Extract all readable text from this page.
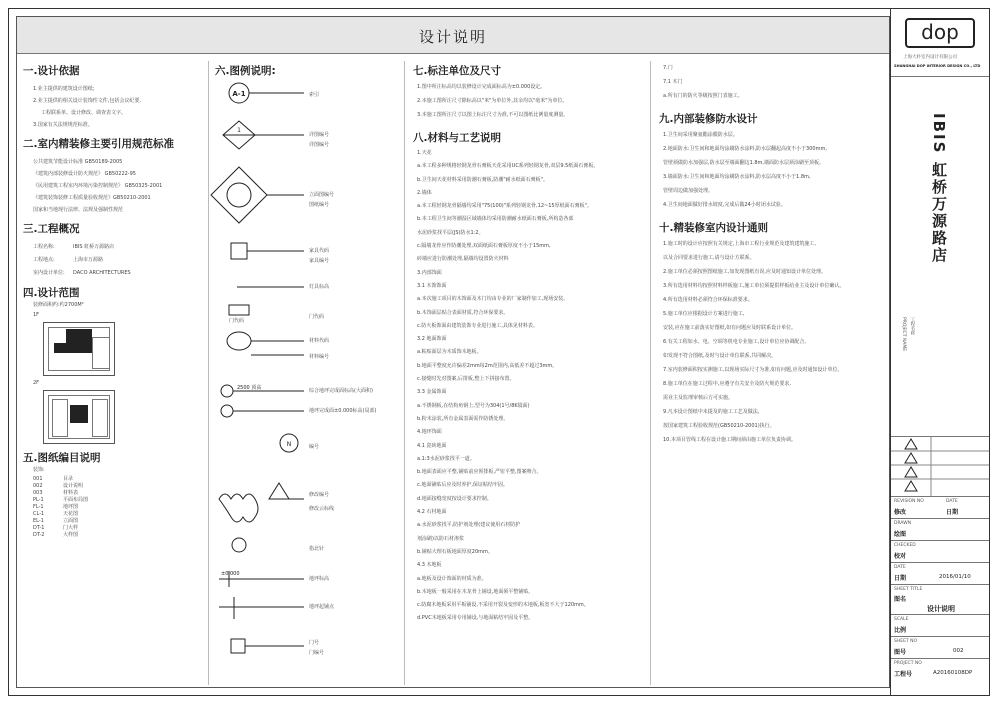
设计说明
一.设计依据
1.业主提供的建筑设计图纸;
2.业主提供的相关设计装饰性文件,包括会议纪要,
工程联系单、设计修改、调查表文字。
3.国家有关法规规范标准。
二.室内精装修主要引用规范标准
公共建筑节能设计标准 GB50189-2005
《建筑内部装修设计防火规范》 GB50222-95
《民用建筑工程室内环境污染控制规范》 GB50325-2001
《建筑装饰装修工程质量验收规范》GB50210-2001
国家和当地现行法律、法规及强制性规范
三.工程概况
工程名称:	IBIS 虹桥万源路店
工程地点:	上海市万源路
室内设计单位:	DACO ARCHITECTURES
四.设计范围
装修面积约:约2700M²
1F
2F
五.图纸编目说明
装饰:
001	目录
002	设计说明
003	材料表
PL-1	平面布局图
FL-1	地坪图
CL-1	天花图
EL-1	立面图
DT-1	门大样
DT-2	大样图
六.图例说明:
A-1
1
2500 顶高
±0.000
N
索引
详图编号
详图编号
立面图编号
图纸编号
家具代码
家具编号
灯具标高
门代码
门代码
材料代码
材料编号
综合地坪完成面标高(大面积)
地坪完成面±0.000标高(局部)
编号
修改编号
修改云标线
指北针
地坪标高
地坪起铺点
门号
门编号
七.标注单位及尺寸
1.图中所注标高均以装修设计完成面标高为±0.000设定。
2.本施工图所注尺寸除标高以"米"为单位外,其余均以"毫米"为单位。
3.本施工图所注尺寸以图上标注尺寸为准,不可以图纸比例量度测量。
八.材料与工艺说明
1.天花
a.本工程多种规格轻钢龙骨石膏板天花采用UC系列轻钢龙骨,双层9.5纸面石膏板。
b.卫生间天花材料采用防潮石膏板,防潮"耐水纸面石膏板"。
2.墙体
a.本工程轻钢龙骨隔墙均采用"75(100)"系列轻钢龙骨,12~15厚纸面石膏板"。
b.本工程卫生间等潮湿区域墙体均采用防潮耐水纸面石膏板,所构造各部
水泥砂浆找平层(JS)防水1:2。
c.隔墙龙骨应作防潮处理,双面纸面石膏板厚度不小于15mm,
砖墙应进行防潮处理,隔墙均设置防火材料
3.内部饰面
3.1 木饰饰面
a.本次施工项目的木饰面及木门均由专业的厂家制作加工,现场安装。
b.木饰面层贴合表面材质,符合环保要求。
c.防火板饰面由建筑装饰专业进行施工,具体见材料表。
3.2 地面饰面
a.粘贴面层为木质饰木地板。
b.地面平整度允许偏差2mm每2m范围内,高低差不超过3mm。
c.接缝时先对图案,后排板,整上下拼接布置。
3.3 金属饰面
a.不锈钢板,在结构角钢上,型号为304(1号/8K镜面)
b.粉末涂装,所有金属表面需作防锈处理。
4.地坪饰面
4.1 瓷砖地面
a.1:3水泥砂浆找平一道。
b.地面表面应平整,铺贴前应预排板,严密平整,图案吻合。
c.地面铺贴后应及时养护,保证粘结牢固。
d.地面接缝宽度按设计要求控制。
4.2 石材地面
a.水泥砂浆找平,防护剂处理(建议使用石材防护
剂涂刷)以防石材渗浆
b.铺贴大理石板地面厚度20mm。
4.3 木地板
a.地板及设计饰面的材质为准。
b.木地板一般采用在木龙骨上铺设,地面须平整铺贴。
c.防腐木地板采用平板铺设,不采用开裂及变形的木地板,板宽不大于120mm。
d.PVC木地板采用专用铺设,与地面粘结牢固及平整。
7.门
7.1 木门
a.所有门的防火等级按照门表施工。
九.内部装修防水设计
1.卫生间采用聚氨酯涂膜防水层。
2.地面防水:卫生间和地面均涂刷防水涂料,防水层翻起高度不小于300mm,
管壁须做防水加强层,防水层至墙面翻边1.8m,墙面防水层须涂刷至顶板。
3.墙面防水:卫生间和地面均涂刷防水涂料,防水层高度不小于1.8m,
管壁周边做加强处理。
4.卫生间地面做好排水坡度,完成后做24小时闭水试验。
十.精装修室内设计通则
1.施工时的设计应按照有关规定,上海市工程行业规范及建筑建筑施工,
以及合同要求进行施工,请与设计方联系。
2.施工单位必须按照图纸施工,如发现图纸有误,应及时通知设计单位处理。
3.所有选用材料均按照材料样板施工,施工单位须提供样板给业主及设计单位确认。
4.所有选用材料必须符合环保标准要求。
5.施工单位应根据设计方案进行施工,
安装,应在施工前落实好图纸,如有问题应及时联系设计单位。
6.有关工程如水、电、空调等机电专业施工,设计单位应协调配合,
如发现不符合图纸,及时与设计单位联系,共同解决。
7.室内装修面积按实测施工,以现场实际尺寸为准,如有问题,应及时通知设计单位。
8.施工单位在施工过程中,应遵守有关安全及防火规范要求,
需业主及监理审核后方可实施。
9.凡本设计图纸中未提及的施工工艺及做法,
按国家建筑工程验收规范(GB50210-2001)执行。
10.本项目管线工程在设计施工期间须由施工单位负责协调。
dop
上海大朴室内设计有限公司
SHANGHAI DOP INTERIOR DESIGN CO., LTD
IBIS 虹桥万源路店
PROJECT NAME 工程名称
REVISION NO	DATE
修改	日期
DRAWN
绘图
CHECKED
校对
DATE
日期	2016/01/10
SHEET TITLE
图名
设计说明
SCALE
比例
SHEET NO
图号	002
PROJECT NO
工程号	A20160108DP
